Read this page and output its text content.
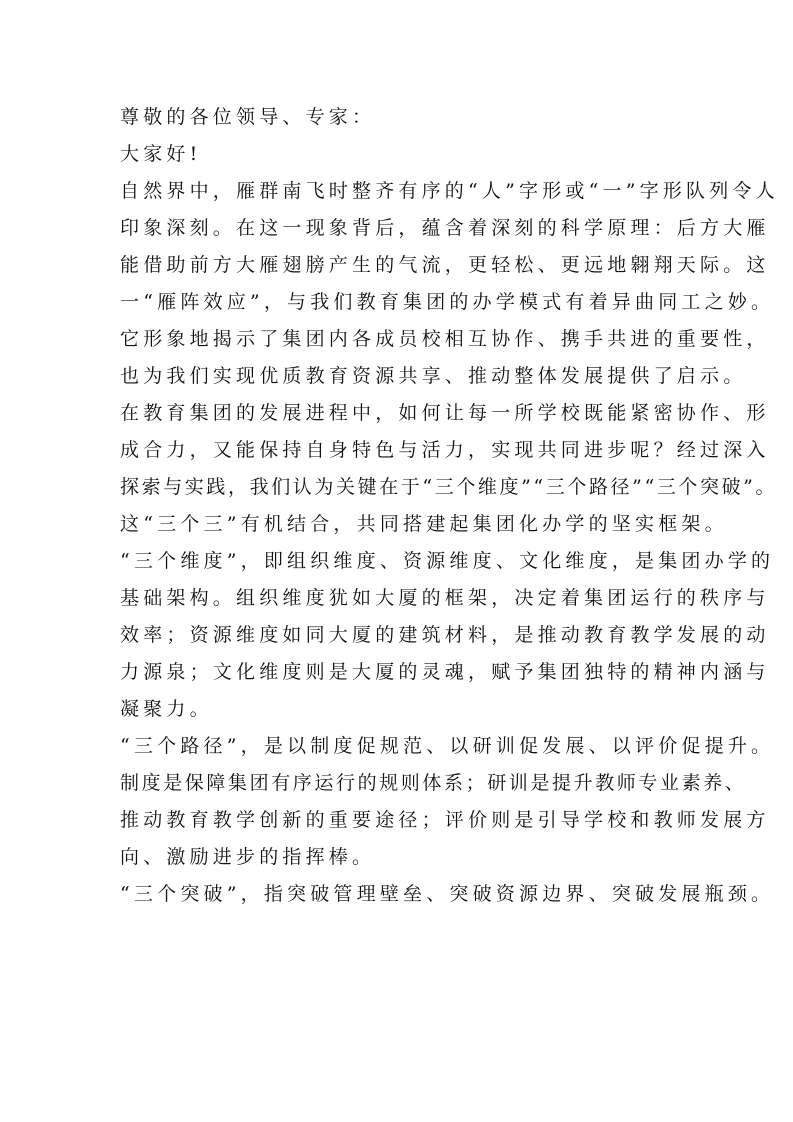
尊敬的各位领导、专家：
大家好!
自然界中，雁群南飞时整齐有序的“人”字形或“一”字形队列令人
印象深刻。在这一现象背后，蕴含着深刻的科学原理：后方大雁
能借助前方大雁翅膀产生的气流，更轻松、更远地翱翔天际。这
一“雁阵效应”，与我们教育集团的办学模式有着异曲同工之妙。
它形象地揭示了集团内各成员校相互协作、携手共进的重要性，
也为我们实现优质教育资源共享、推动整体发展提供了启示。
在教育集团的发展进程中，如何让每一所学校既能紧密协作、形
成合力，又能保持自身特色与活力，实现共同进步呢？经过深入
探索与实践，我们认为关键在于“三个维度”“三个路径”“三个突破”。
这“三个三”有机结合，共同搭建起集团化办学的坚实框架。
“三个维度”，即组织维度、资源维度、文化维度，是集团办学的
基础架构。组织维度犹如大厦的框架，决定着集团运行的秩序与
效率；资源维度如同大厦的建筑材料，是推动教育教学发展的动
力源泉；文化维度则是大厦的灵魂，赋予集团独特的精神内涵与
凝聚力。
“三个路径”，是以制度促规范、以研训促发展、以评价促提升。
制度是保障集团有序运行的规则体系；研训是提升教师专业素养、
推动教育教学创新的重要途径；评价则是引导学校和教师发展方
向、激励进步的指挥棒。
“三个突破”，指突破管理壁垒、突破资源边界、突破发展瓶颈。
